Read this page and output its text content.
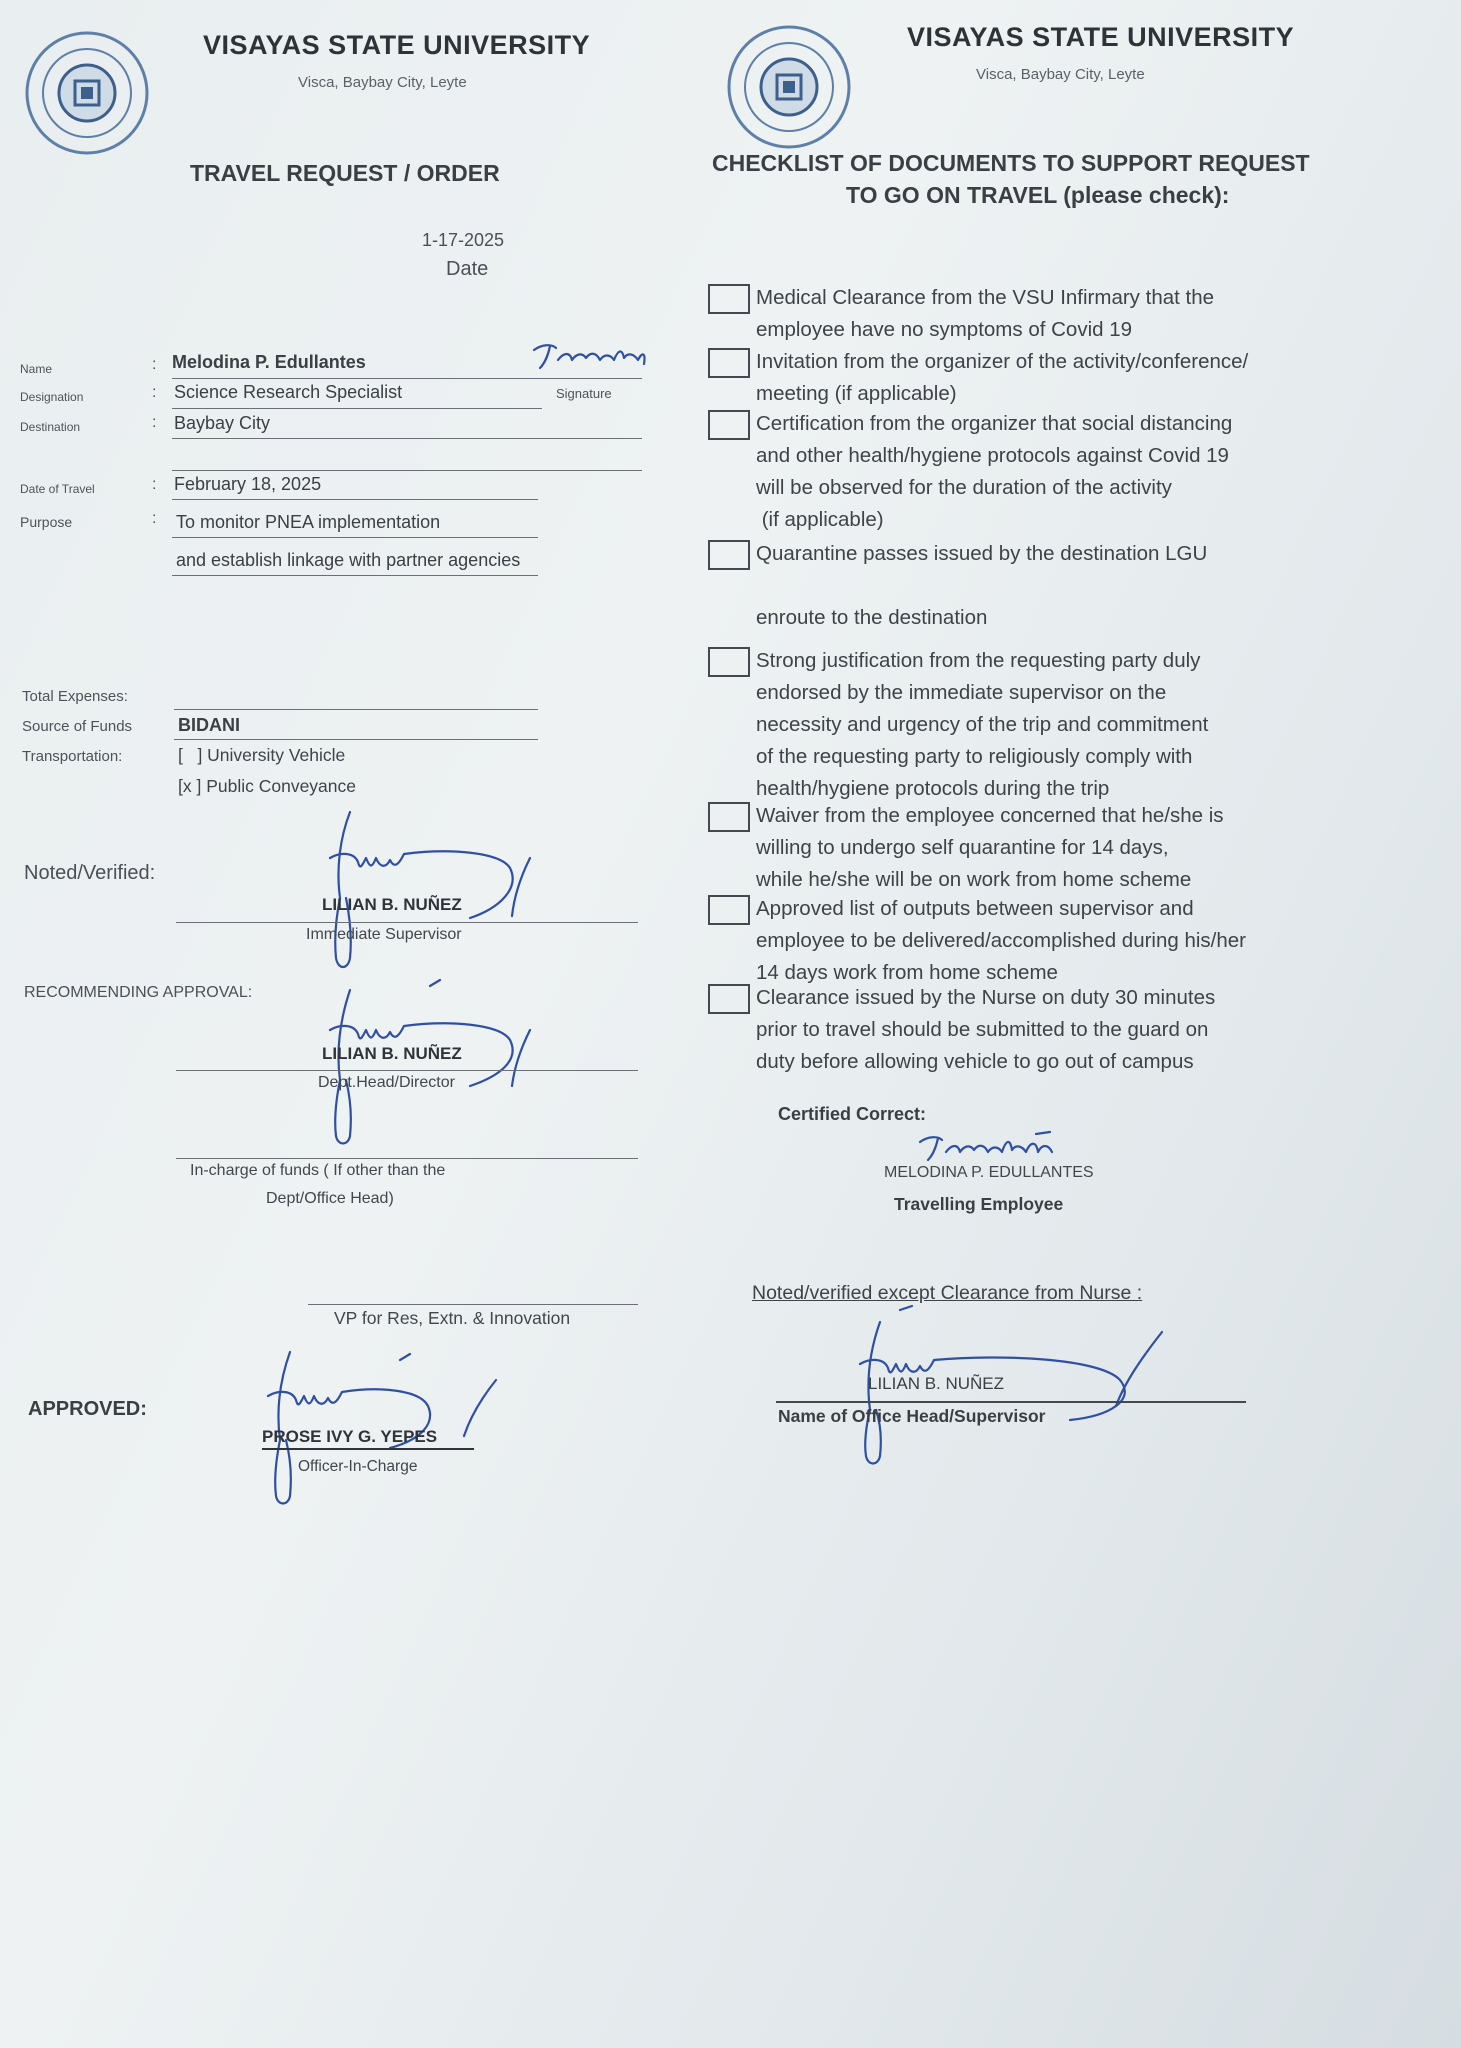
VISAYAS STATE UNIVERSITY
Visca, Baybay City, Leyte
TRAVEL REQUEST / ORDER
1-17-2025
Date
Name	: Melodina P. Edullantes
Signature
Designation	: Science Research Specialist
Destination	: Baybay City
Date of Travel	: February 18, 2025
Purpose	: To monitor PNEA implementation
and establish linkage with partner agencies
Total Expenses:
Source of Funds	BIDANI
Transportation:	[   ] University Vehicle
[x ] Public Conveyance
Noted/Verified:
LILIAN B. NUÑEZ
Immediate Supervisor
RECOMMENDING APPROVAL:
LILIAN B. NUÑEZ
Dept.Head/Director
In-charge of funds ( If other than the
Dept/Office Head)
VP for Res, Extn. & Innovation
APPROVED:
PROSE IVY G. YEPES
Officer-In-Charge
VISAYAS STATE UNIVERSITY
Visca, Baybay City, Leyte
CHECKLIST OF DOCUMENTS TO SUPPORT REQUEST
TO GO ON TRAVEL (please check):
Medical Clearance from the VSU Infirmary that the
employee have no symptoms of Covid 19
Invitation from the organizer of the activity/conference/
meeting (if applicable)
Certification from the organizer that social distancing
and other health/hygiene protocols against Covid 19
will be observed for the duration of the activity
(if applicable)
Quarantine passes issued by the destination LGU
enroute to the destination
Strong justification from the requesting party duly
endorsed by the immediate supervisor on the
necessity and urgency of the trip and commitment
of the requesting party to religiously comply with
health/hygiene protocols during the trip
Waiver from the employee concerned that he/she is
willing to undergo self quarantine for 14 days,
while he/she will be on work from home scheme
Approved list of outputs between supervisor and
employee to be delivered/accomplished during his/her
14 days work from home scheme
Clearance issued by the Nurse on duty 30 minutes
prior to travel should be submitted to the guard on
duty before allowing vehicle to go out of campus
Certified Correct:
MELODINA P. EDULLANTES
Travelling Employee
Noted/verified except Clearance from Nurse :
LILIAN B. NUÑEZ
Name of Office Head/Supervisor
